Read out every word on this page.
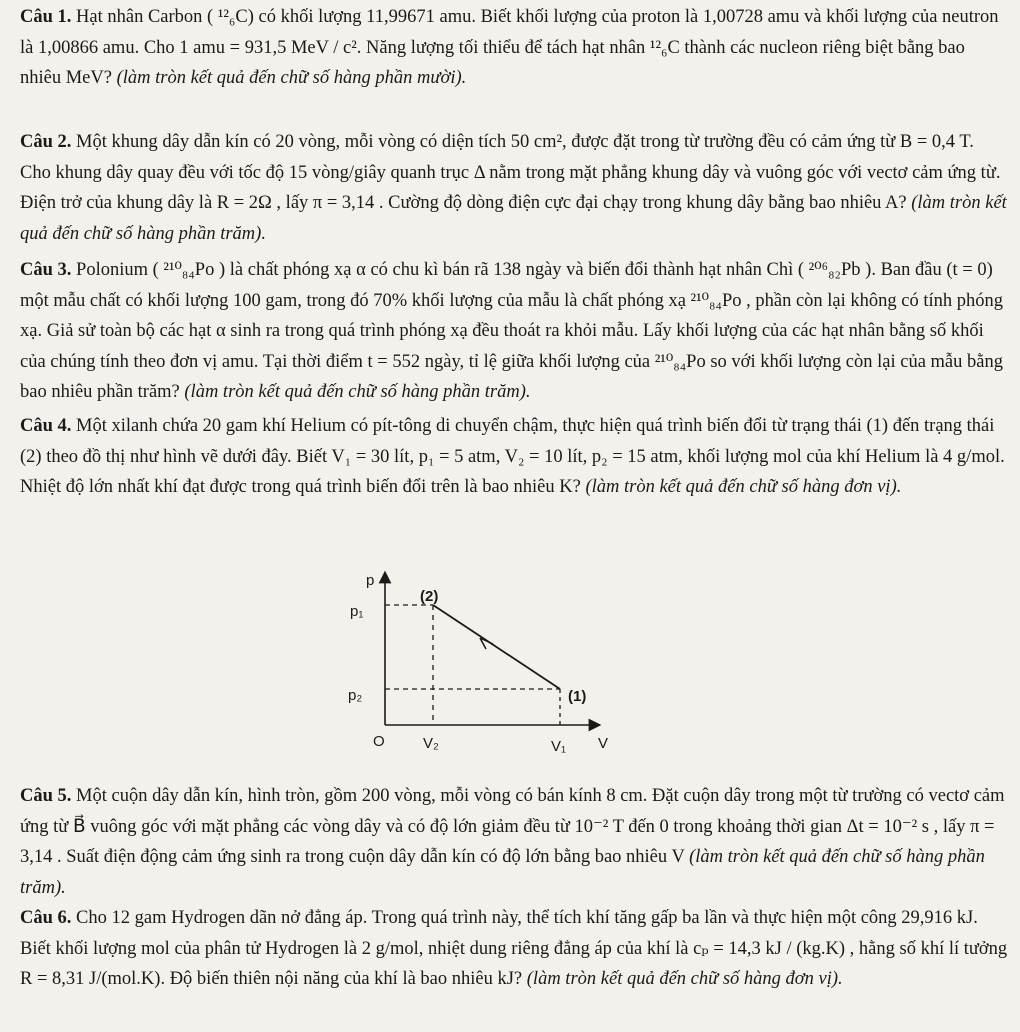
Câu 1. Hạt nhân Carbon ( ¹²₆C) có khối lượng 11,99671 amu. Biết khối lượng của proton là 1,00728 amu và khối lượng của neutron là 1,00866 amu. Cho 1 amu = 931,5 MeV / c². Năng lượng tối thiểu để tách hạt nhân ¹²₆C thành các nucleon riêng biệt bằng bao nhiêu MeV? (làm tròn kết quả đến chữ số hàng phần mười).

Câu 2. Một khung dây dẫn kín có 20 vòng, mỗi vòng có diện tích 50 cm², được đặt trong từ trường đều có cảm ứng từ B = 0,4 T. Cho khung dây quay đều với tốc độ 15 vòng/giây quanh trục Δ nằm trong mặt phẳng khung dây và vuông góc với vectơ cảm ứng từ. Điện trở của khung dây là R = 2Ω , lấy π = 3,14 . Cường độ dòng điện cực đại chạy trong khung dây bằng bao nhiêu A? (làm tròn kết quả đến chữ số hàng phần trăm).

Câu 3. Polonium ( ²¹⁰₈₄Po ) là chất phóng xạ α có chu kì bán rã 138 ngày và biến đổi thành hạt nhân Chì ( ²⁰⁶₈₂Pb ). Ban đầu (t = 0) một mẫu chất có khối lượng 100 gam, trong đó 70% khối lượng của mẫu là chất phóng xạ ²¹⁰₈₄Po , phần còn lại không có tính phóng xạ. Giả sử toàn bộ các hạt α sinh ra trong quá trình phóng xạ đều thoát ra khỏi mẫu. Lấy khối lượng của các hạt nhân bằng số khối của chúng tính theo đơn vị amu. Tại thời điểm t = 552 ngày, tỉ lệ giữa khối lượng của ²¹⁰₈₄Po so với khối lượng còn lại của mẫu bằng bao nhiêu phần trăm? (làm tròn kết quả đến chữ số hàng phần trăm).

Câu 4. Một xilanh chứa 20 gam khí Helium có pít-tông di chuyển chậm, thực hiện quá trình biến đổi từ trạng thái (1) đến trạng thái (2) theo đồ thị như hình vẽ dưới đây. Biết V₁ = 30 lít, p₁ = 5 atm, V₂ = 10 lít, p₂ = 15 atm, khối lượng mol của khí Helium là 4 g/mol. Nhiệt độ lớn nhất khí đạt được trong quá trình biến đổi trên là bao nhiêu K? (làm tròn kết quả đến chữ số hàng đơn vị).

p
V
O
p₁
p₂
V₂	V₁
(1)
(2)

Câu 5. Một cuộn dây dẫn kín, hình tròn, gồm 200 vòng, mỗi vòng có bán kính 8 cm. Đặt cuộn dây trong một từ trường có vectơ cảm ứng từ B⃗ vuông góc với mặt phẳng các vòng dây và có độ lớn giảm đều từ 10⁻² T đến 0 trong khoảng thời gian Δt = 10⁻² s , lấy π = 3,14 . Suất điện động cảm ứng sinh ra trong cuộn dây dẫn kín có độ lớn bằng bao nhiêu V (làm tròn kết quả đến chữ số hàng phần trăm).

Câu 6. Cho 12 gam Hydrogen dãn nở đẳng áp. Trong quá trình này, thể tích khí tăng gấp ba lần và thực hiện một công 29,916 kJ. Biết khối lượng mol của phân tử Hydrogen là 2 g/mol, nhiệt dung riêng đẳng áp của khí là cₚ = 14,3 kJ / (kg.K) , hằng số khí lí tưởng R = 8,31 J/(mol.K). Độ biến thiên nội năng của khí là bao nhiêu kJ? (làm tròn kết quả đến chữ số hàng đơn vị).
